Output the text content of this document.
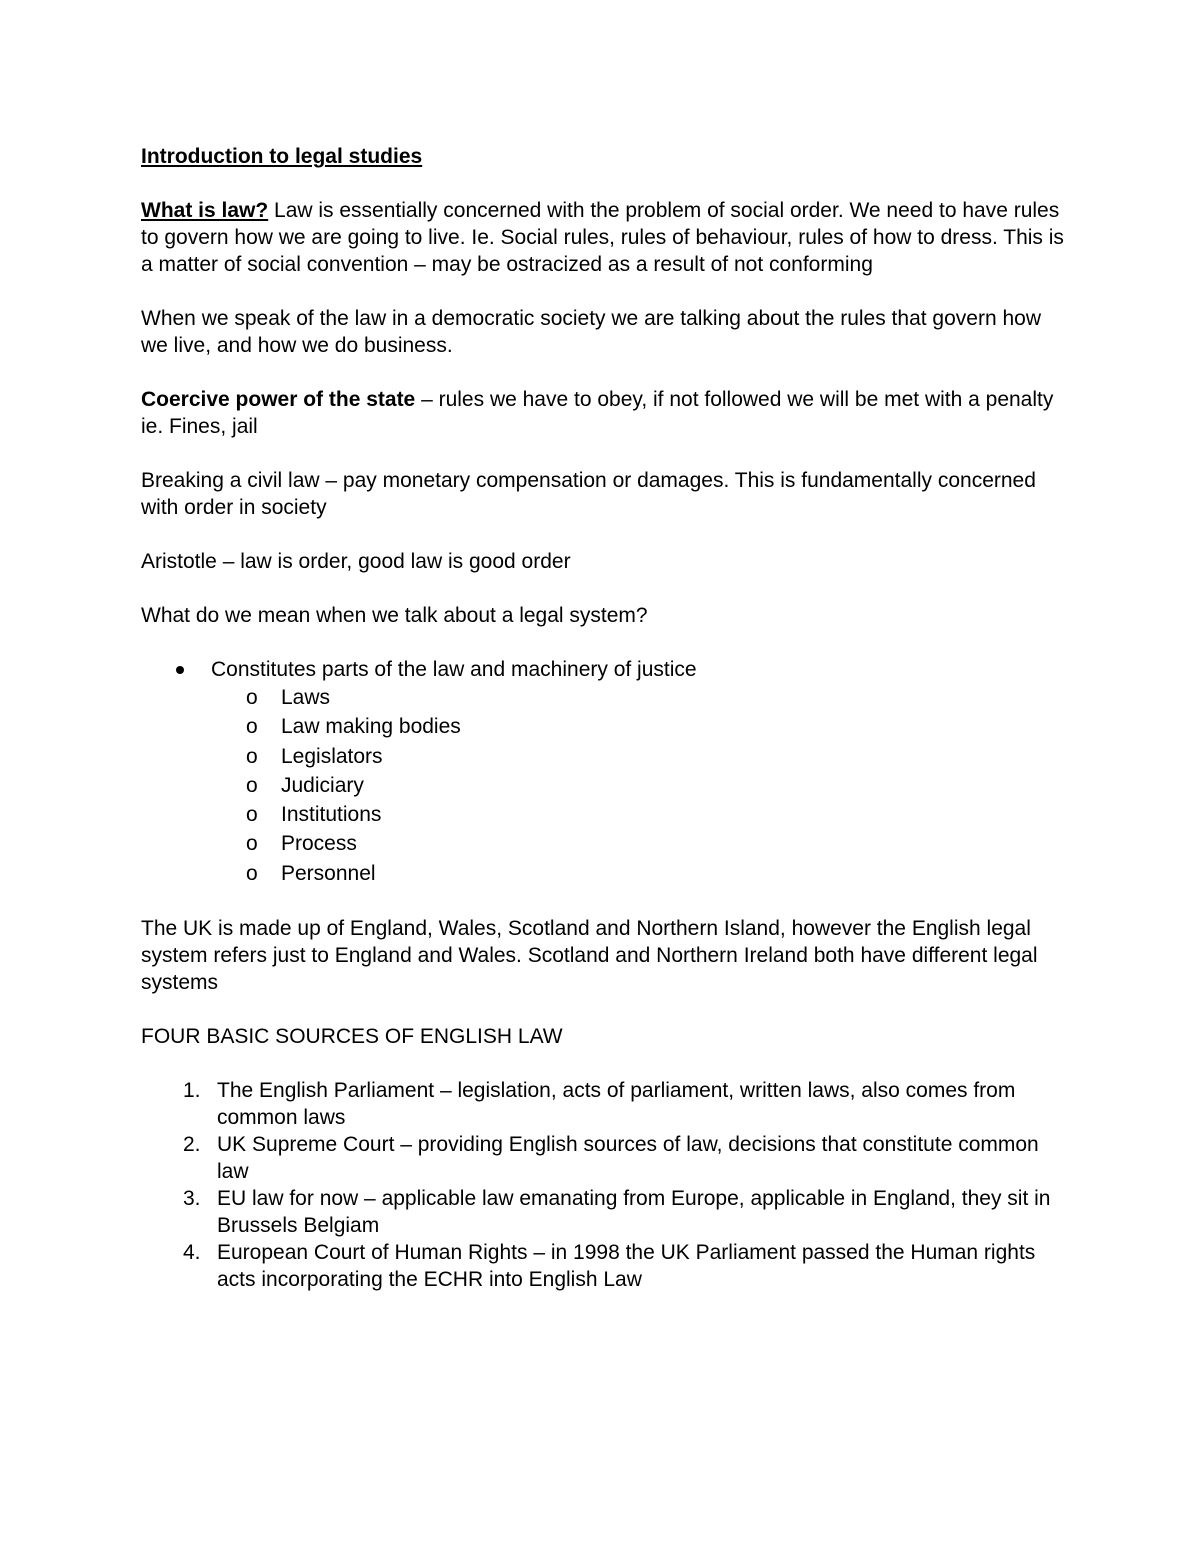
Introduction to legal studies

What is law? Law is essentially concerned with the problem of social order. We need to have rules to govern how we are going to live. Ie. Social rules, rules of behaviour, rules of how to dress. This is a matter of social convention – may be ostracized as a result of not conforming

When we speak of the law in a democratic society we are talking about the rules that govern how we live, and how we do business.

Coercive power of the state – rules we have to obey, if not followed we will be met with a penalty ie. Fines, jail

Breaking a civil law – pay monetary compensation or damages. This is fundamentally concerned with order in society

Aristotle – law is order, good law is good order

What do we mean when we talk about a legal system?

Constitutes parts of the law and machinery of justice
o Laws
o Law making bodies
o Legislators
o Judiciary
o Institutions
o Process
o Personnel

The UK is made up of England, Wales, Scotland and Northern Island, however the English legal system refers just to England and Wales. Scotland and Northern Ireland both have different legal systems

FOUR BASIC SOURCES OF ENGLISH LAW

1. The English Parliament – legislation, acts of parliament, written laws, also comes from common laws
2. UK Supreme Court – providing English sources of law, decisions that constitute common law
3. EU law for now – applicable law emanating from Europe, applicable in England, they sit in Brussels Belgiam
4. European Court of Human Rights – in 1998 the UK Parliament passed the Human rights acts incorporating the ECHR into English Law
